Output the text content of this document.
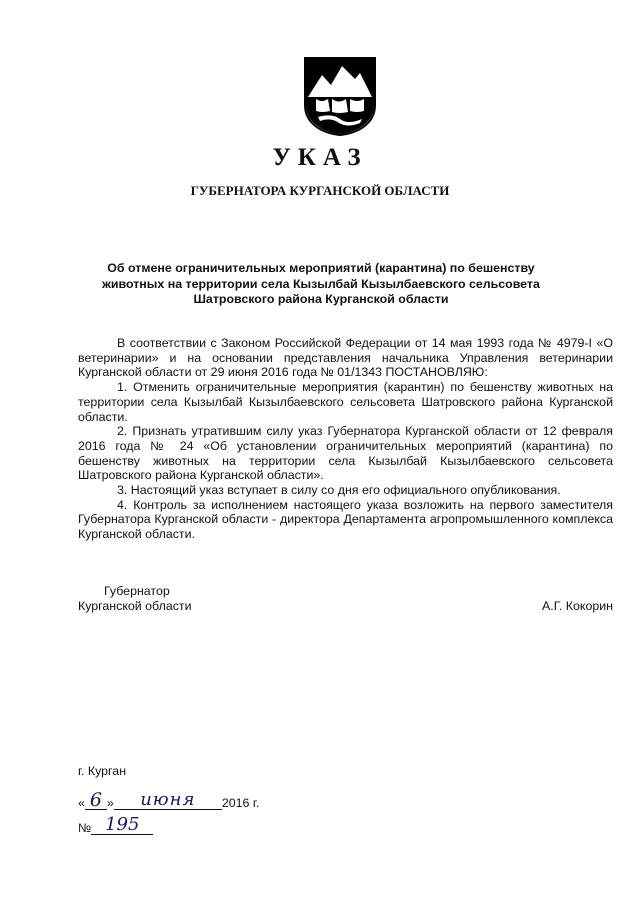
УКАЗ
ГУБЕРНАТОРА КУРГАНСКОЙ ОБЛАСТИ
Об отмене ограничительных мероприятий (карантина) по бешенству
животных на территории села Кызылбай Кызылбаевского сельсовета
Шатровского района Курганской области

В соответствии с Законом Российской Федерации от 14 мая 1993 года № 4979-I «О ветеринарии» и на основании представления начальника Управления ветеринарии Курганской области от 29 июня 2016 года № 01/1343 ПОСТАНОВЛЯЮ:

1. Отменить ограничительные мероприятия (карантин) по бешенству животных на территории села Кызылбай Кызылбаевского сельсовета Шатровского района Курганской области.

2. Признать утратившим силу указ Губернатора Курганской области от 12 февраля 2016 года № 24 «Об установлении ограничительных мероприятий (карантина) по бешенству животных на территории села Кызылбай Кызылбаевского сельсовета Шатровского района Курганской области».

3. Настоящий указ вступает в силу со дня его официального опубликования.

4. Контроль за исполнением настоящего указа возложить на первого заместителя Губернатора Курганской области - директора Департамента агропромышленного комплекса Курганской области.

Губернатор
Курганской области	А.Г. Кокорин
г. Курган
« 6 »	июня	2016 г.
№ 195
